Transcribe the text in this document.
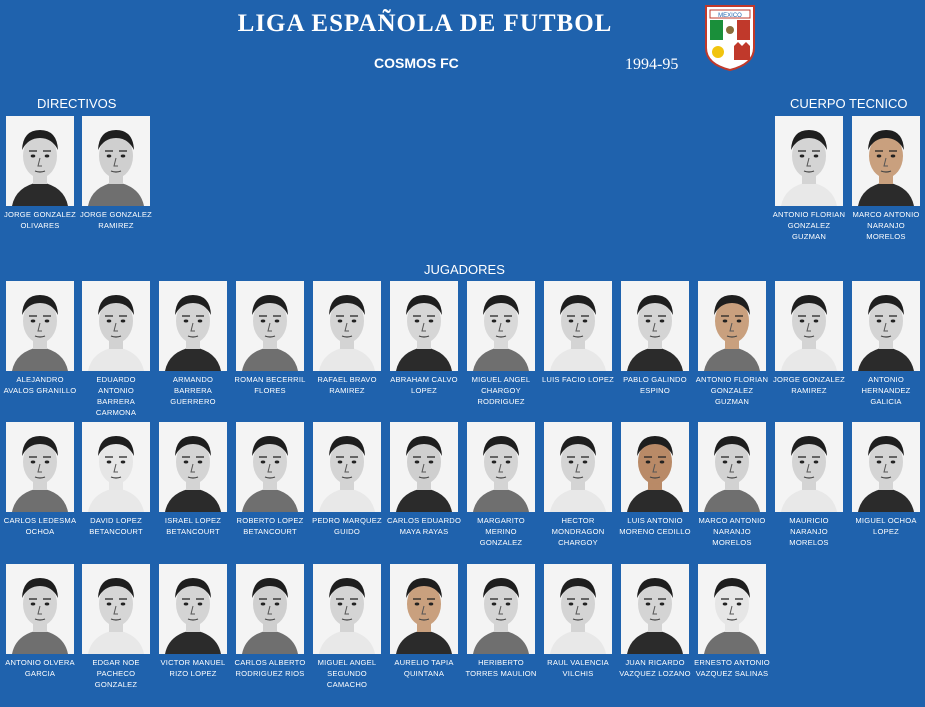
LIGA ESPAÑOLA DE FUTBOL
COSMOS FC	1994-95
MEXICO
DIRECTIVOS	CUERPO TECNICO
JUGADORES
JORGE GONZALEZ OLIVARES
JORGE GONZALEZ RAMIREZ
ANTONIO FLORIAN GONZALEZ GUZMAN
MARCO ANTONIO NARANJO MORELOS
ALEJANDRO AVALOS GRANILLO
EDUARDO ANTONIO BARRERA CARMONA
ARMANDO BARRERA GUERRERO
ROMAN BECERRIL FLORES
RAFAEL BRAVO RAMIREZ
ABRAHAM CALVO LOPEZ
MIGUEL ANGEL CHARGOY RODRIGUEZ
LUIS FACIO LOPEZ	PABLO GALINDO ESPINO
ANTONIO FLORIAN GONZALEZ GUZMAN
JORGE GONZALEZ RAMIREZ
ANTONIO HERNANDEZ GALICIA
CARLOS LEDESMA OCHOA
DAVID LOPEZ BETANCOURT
ISRAEL LOPEZ BETANCOURT
ROBERTO LOPEZ BETANCOURT
PEDRO MARQUEZ GUIDO
CARLOS EDUARDO MAYA RAYAS
MARGARITO MERINO GONZALEZ
HECTOR MONDRAGON CHARGOY
LUIS ANTONIO MORENO CEDILLO
MARCO ANTONIO NARANJO MORELOS
MAURICIO NARANJO MORELOS
MIGUEL OCHOA LOPEZ
ANTONIO OLVERA GARCIA
EDGAR NOE PACHECO GONZALEZ
VICTOR MANUEL RIZO LOPEZ
CARLOS ALBERTO RODRIGUEZ RIOS
MIGUEL ANGEL SEGUNDO CAMACHO
AURELIO TAPIA QUINTANA
HERIBERTO TORRES MAULION
RAUL VALENCIA VILCHIS
JUAN RICARDO VAZQUEZ LOZANO
ERNESTO ANTONIO VAZQUEZ SALINAS
